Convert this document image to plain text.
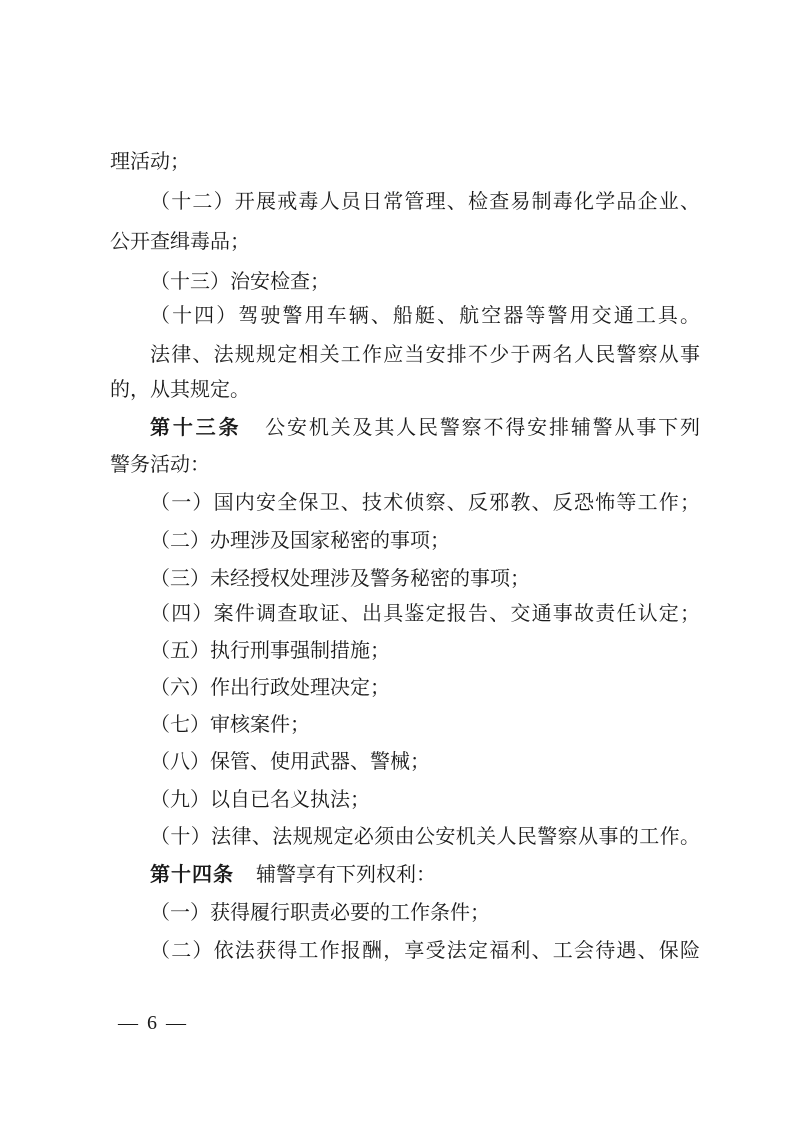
理活动；
（十二）开展戒毒人员日常管理、检查易制毒化学品企业、
公开查缉毒品；
（十三）治安检查；
（十四）驾驶警用车辆、船艇、航空器等警用交通工具。
法律、法规规定相关工作应当安排不少于两名人民警察从事
的，从其规定。
第十三条 公安机关及其人民警察不得安排辅警从事下列
警务活动：
（一）国内安全保卫、技术侦察、反邪教、反恐怖等工作；
（二）办理涉及国家秘密的事项；
（三）未经授权处理涉及警务秘密的事项；
（四）案件调查取证、出具鉴定报告、交通事故责任认定；
（五）执行刑事强制措施；
（六）作出行政处理决定；
（七）审核案件；
（八）保管、使用武器、警械；
（九）以自已名义执法；
（十）法律、法规规定必须由公安机关人民警察从事的工作。
第十四条 辅警享有下列权利：
（一）获得履行职责必要的工作条件；
（二）依法获得工作报酬，享受法定福利、工会待遇、保险
— 6 —
